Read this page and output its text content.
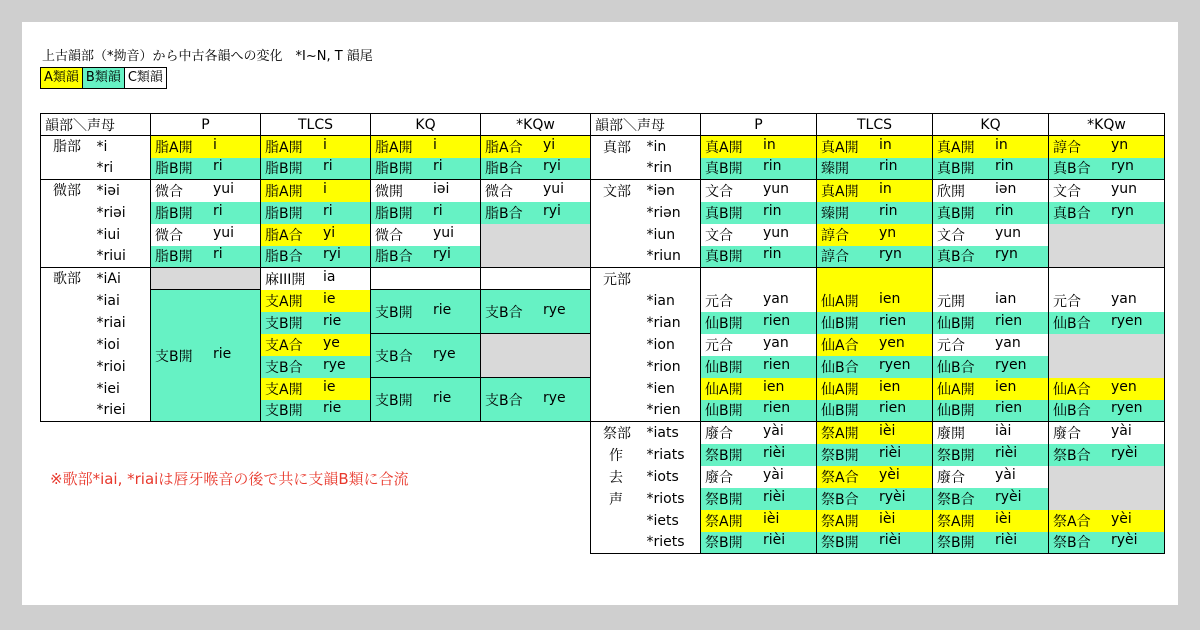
上古韻部（*拗音）から中古各韻への変化　*I~N, T 韻尾
A類韻 B類韻 C類韻
韻部＼声母		P	TLCS	KQ	*KQw
脂部	*i	脂A開 i	脂A開 i	脂A開 i	脂A合 yi

	*ri	脂B開 ri	脂B開 ri	脂B開 ri	脂B合 ryi

微部	*iəi	微合 yui	脂A開 i	微開 iəi	微合 yui

	*riəi	脂B開 ri	脂B開 ri	脂B開 ri	脂B合 ryi

	*iui	微合 yui	脂A合 yi	微合 yui	

	*riui	脂B開 ri	脂B合 ryi	脂B合 ryi	

歌部	*iAi		麻III開 ia		

	*iai	支B開 rie	支A開 ie	支B開 rie	支B合 rye

	*riai		支B開 rie		

	*ioi		支A合 ye	支B合 rye	

	*rioi		支B合 rye		

	*iei		支A開 ie	支B開 rie	支B合 rye

	*riei		支B開 rie		
韻部＼声母		P	TLCS	KQ	*KQw
真部	*in	真A開 in	真A開 in	真A開 in	諄合 yn

	*rin	真B開 rin	臻開 rin	真B開 rin	真B合 ryn

文部	*iən	文合 yun	真A開 in	欣開 iən	文合 yun

	*riən	真B開 rin	臻開 rin	真B開 rin	真B合 ryn

	*iun	文合 yun	諄合 yn	文合 yun	

	*riun	真B開 rin	諄合 ryn	真B合 ryn	

元部		

	*ian	元合 yan	仙A開 ien	元開 ian	元合 yan

	*rian	仙B開 rien	仙B開 rien	仙B開 rien	仙B合 ryen

	*ion	元合 yan	仙A合 yen	元合 yan	

	*rion	仙B開 rien	仙B合 ryen	仙B合 ryen	

	*ien	仙A開 ien	仙A開 ien	仙A開 ien	仙A合 yen

	*rien	仙B開 rien	仙B開 rien	仙B開 rien	仙B合 ryen

祭部	*iats	廢合 yài	祭A開 ièi	廢開 iài	廢合 yài

作	*riats	祭B開 rièi	祭B開 rièi	祭B開 rièi	祭B合 ryèi

去	*iots	廢合 yài	祭A合 yèi	廢合 yài	

声	*riots	祭B開 rièi	祭B合 ryèi	祭B合 ryèi	

	*iets	祭A開 ièi	祭A開 ièi	祭A開 ièi	祭A合 yèi

	*riets	祭B開 rièi	祭B開 rièi	祭B開 rièi	祭B合 ryèi
※歌部*iai, *riaiは唇牙喉音の後で共に支韻B類に合流
